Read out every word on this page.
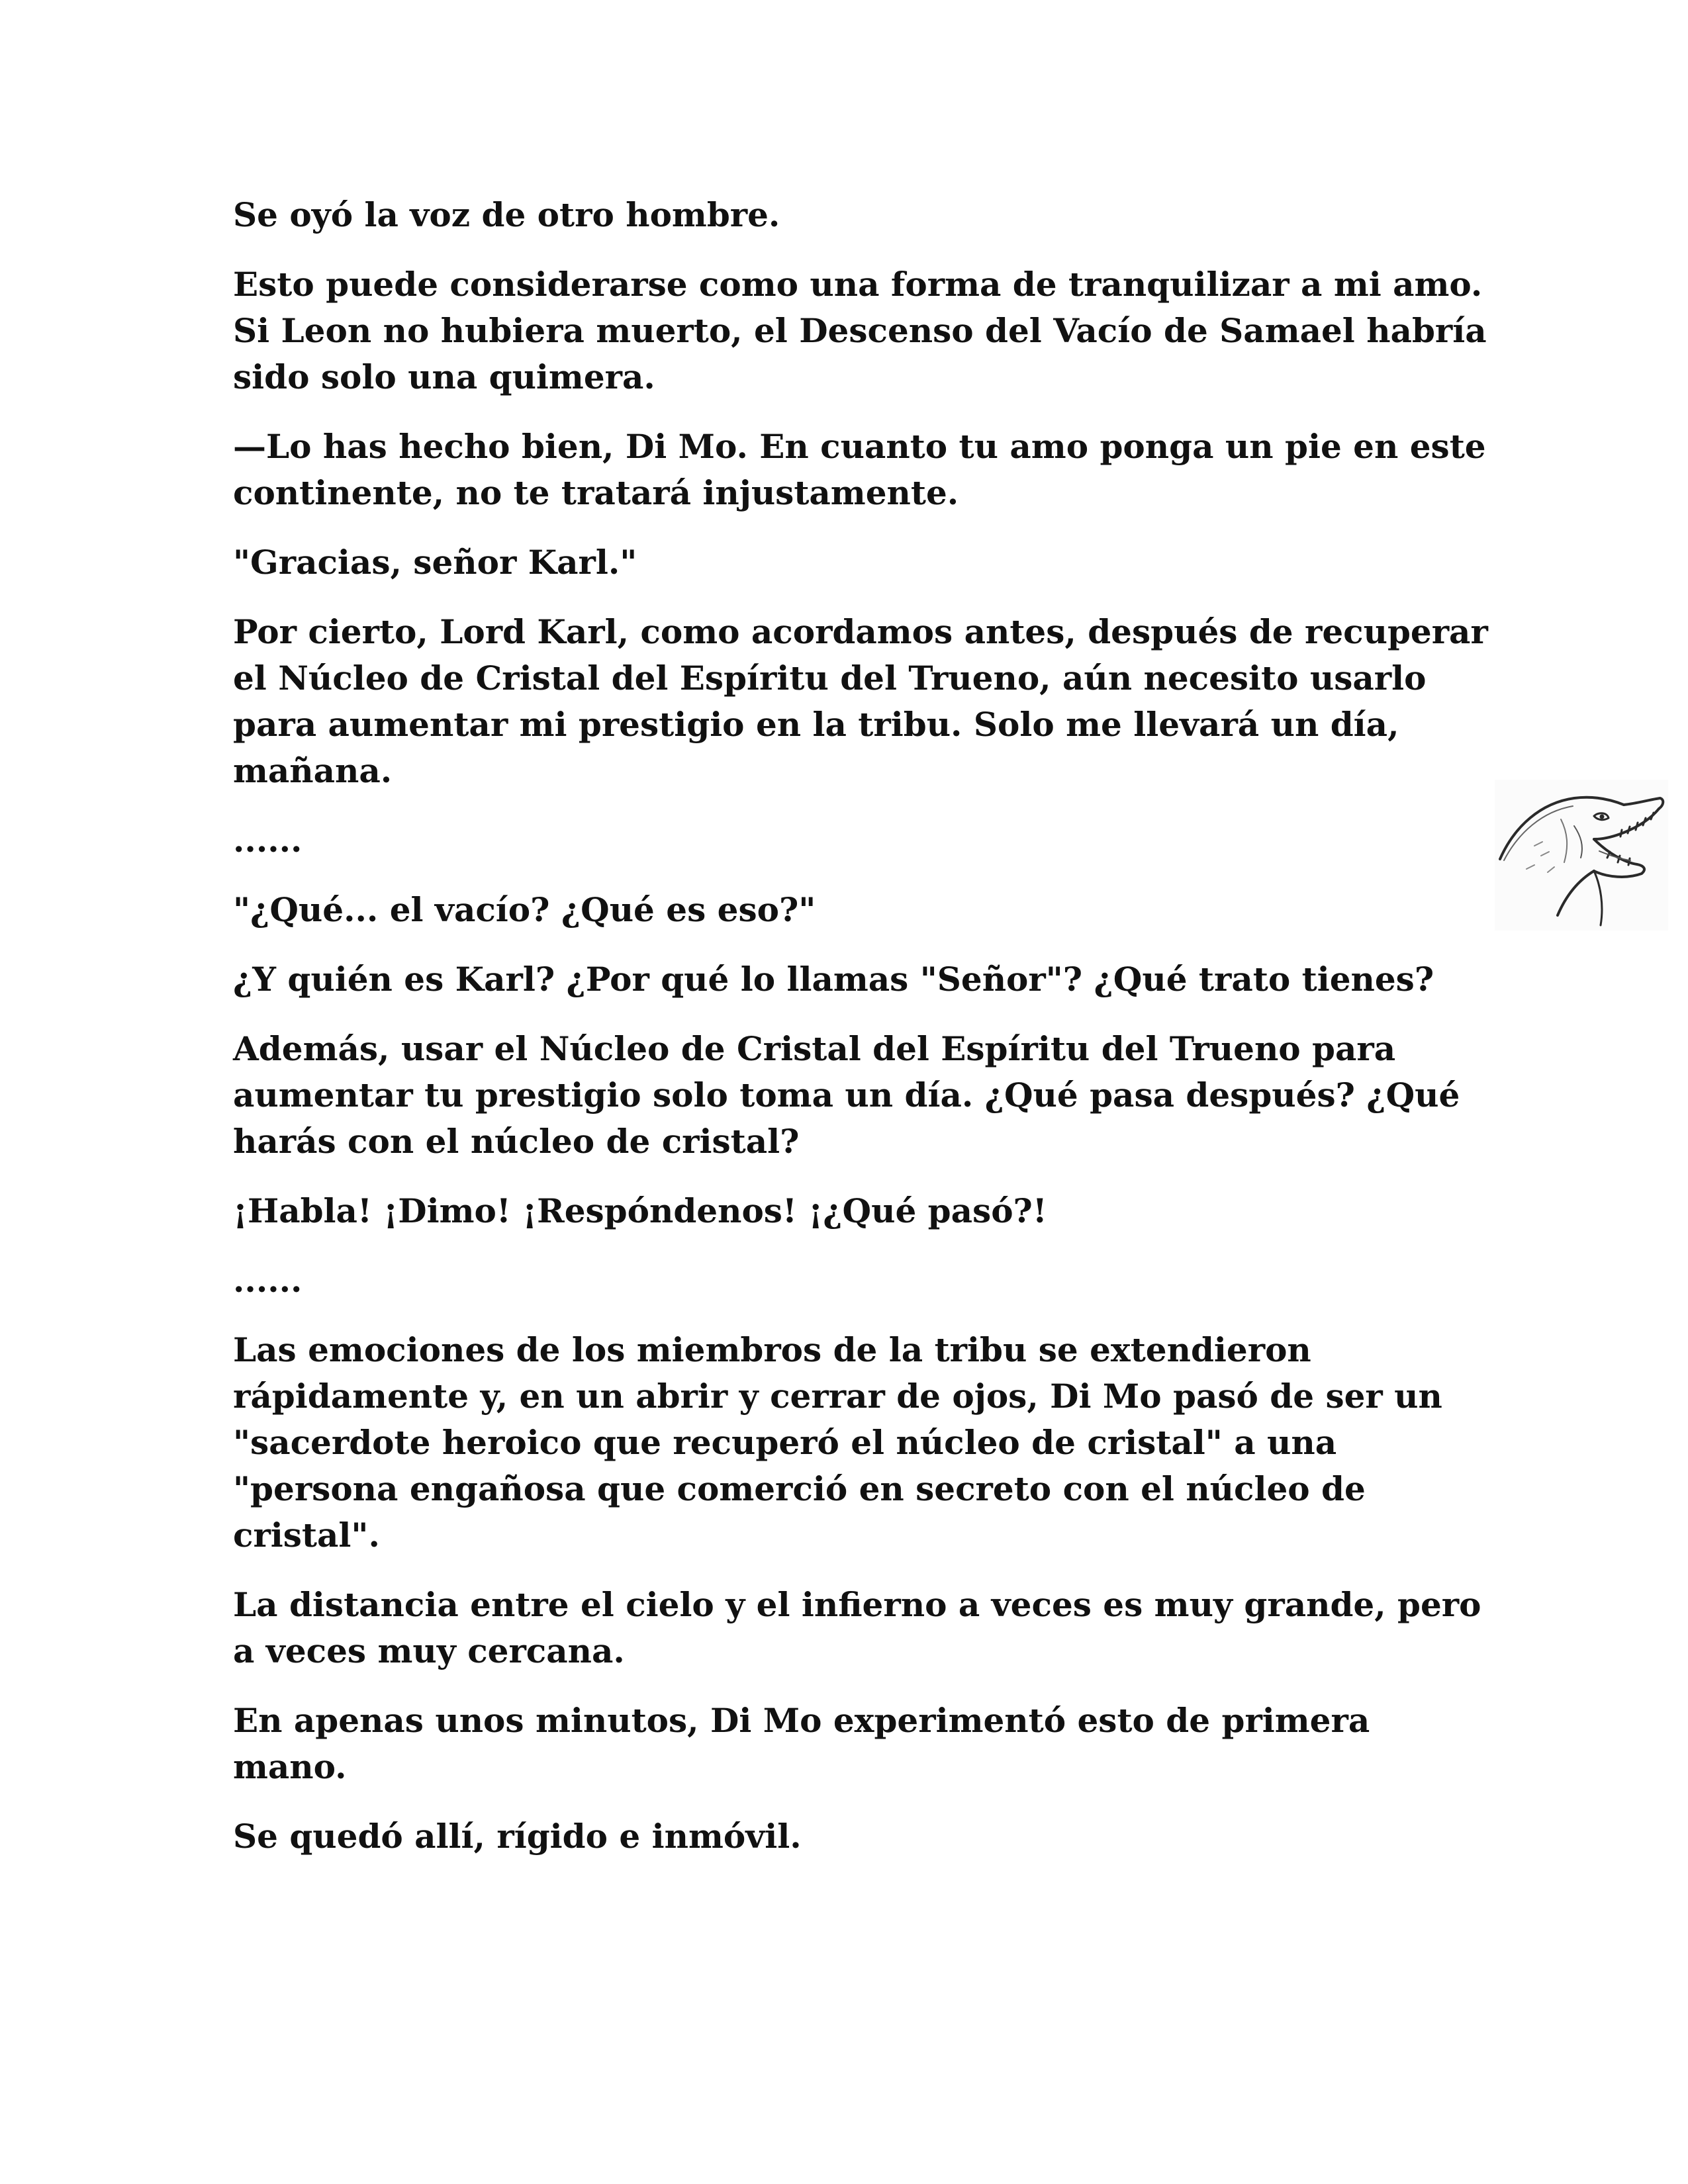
Se oyó la voz de otro hombre.

Esto puede considerarse como una forma de tranquilizar a mi amo. Si Leon no hubiera muerto, el Descenso del Vacío de Samael habría sido solo una quimera.

—Lo has hecho bien, Di Mo. En cuanto tu amo ponga un pie en este continente, no te tratará injustamente.

"Gracias, señor Karl."

Por cierto, Lord Karl, como acordamos antes, después de recuperar el Núcleo de Cristal del Espíritu del Trueno, aún necesito usarlo para aumentar mi prestigio en la tribu. Solo me llevará un día, mañana.

......

"¿Qué... el vacío? ¿Qué es eso?"

¿Y quién es Karl? ¿Por qué lo llamas "Señor"? ¿Qué trato tienes?

Además, usar el Núcleo de Cristal del Espíritu del Trueno para aumentar tu prestigio solo toma un día. ¿Qué pasa después? ¿Qué harás con el núcleo de cristal?

¡Habla! ¡Dimo! ¡Respóndenos! ¡¿Qué pasó?!

......

Las emociones de los miembros de la tribu se extendieron rápidamente y, en un abrir y cerrar de ojos, Di Mo pasó de ser un "sacerdote heroico que recuperó el núcleo de cristal" a una "persona engañosa que comerció en secreto con el núcleo de cristal".

La distancia entre el cielo y el infierno a veces es muy grande, pero a veces muy cercana.

En apenas unos minutos, Di Mo experimentó esto de primera mano.

Se quedó allí, rígido e inmóvil.
